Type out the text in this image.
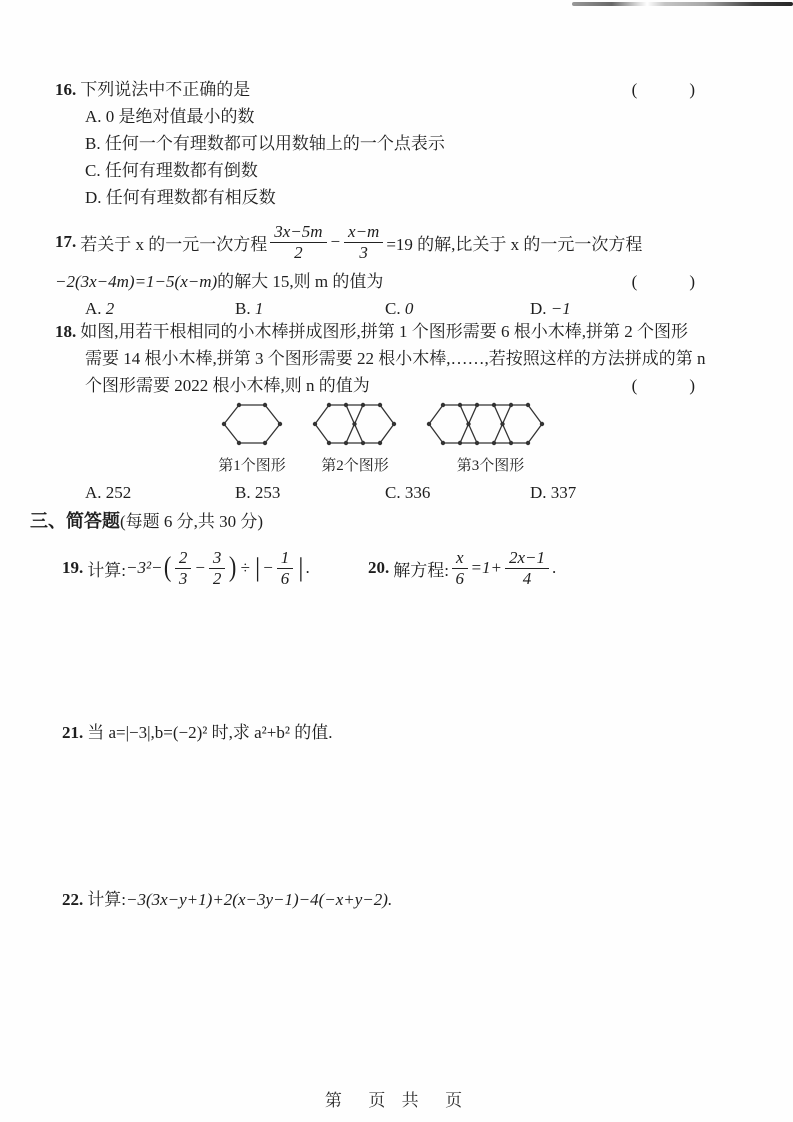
16. 下列说法中不正确的是	(        )
A. 0 是绝对值最小的数
B. 任何一个有理数都可以用数轴上的一个点表示
C. 任何有理数都有倒数
D. 任何有理数都有相反数
17. 若关于 x 的一元一次方程 $\frac{3x-5m}{2} - \frac{x-m}{3} =19$ 的解,比关于 x 的一元一次方程
−2(3x−4m)=1−5(x−m)的解大 15,则 m 的值为	(        )
A. 2	B. 1	C. 0	D. −1
18. 如图,用若干根相同的小木棒拼成图形,拼第 1 个图形需要 6 根小木棒,拼第 2 个图形
需要 14 根小木棒,拼第 3 个图形需要 22 根小木棒,……,若按照这样的方法拼成的第 n
个图形需要 2022 根小木棒,则 n 的值为	(        )
第1个图形 第2个图形	第3个图形
A. 252	B. 253	C. 336	D. 337
三、简答题(每题 6 分,共 30 分)
19. 计算: −3²− ( $\frac{2}{3} - \frac{3}{2}$ ) ÷ | − $\frac{1}{6}$ | .	20. 解方程: $\frac{x}{6} =1+ \frac{2x-1}{4}$ .
21. 当 a=|−3|,b=(−2)² 时,求 a²+b² 的值.
22. 计算:−3(3x−y+1)+2(x−3y−1)−4(−x+y−2).
第  页 共  页
